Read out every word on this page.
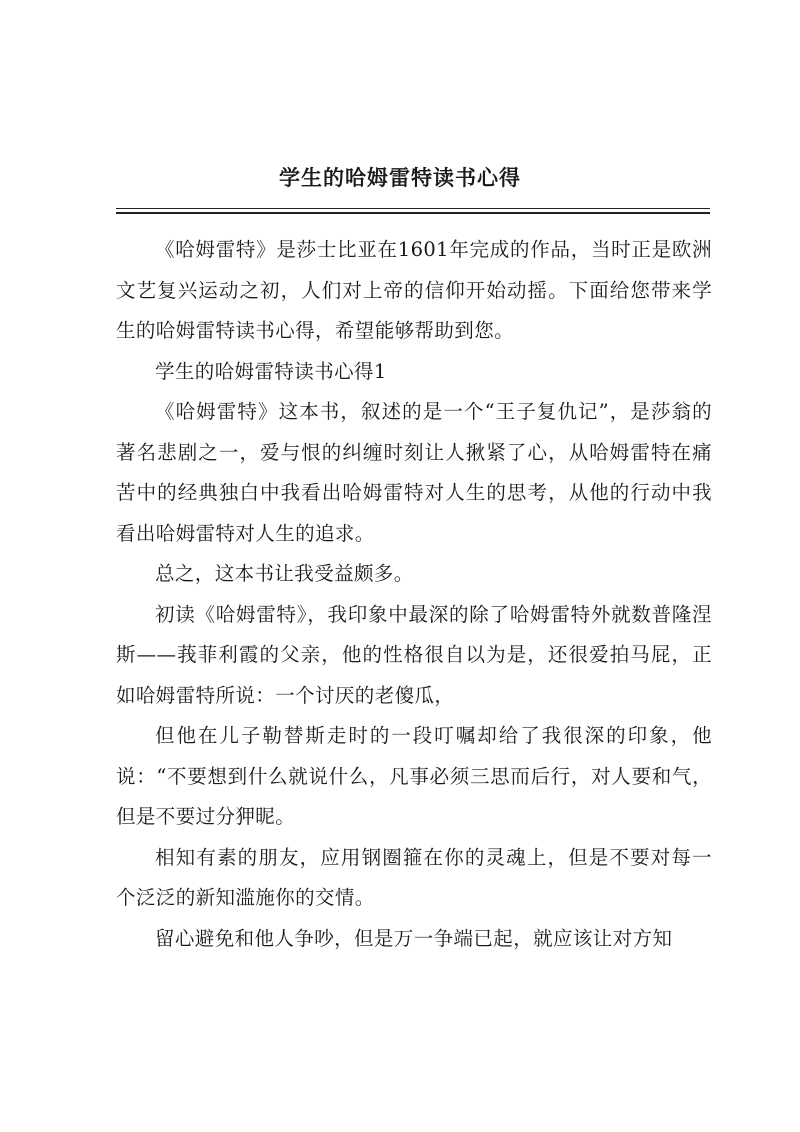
学生的哈姆雷特读书心得

《哈姆雷特》是莎士比亚在1601年完成的作品，当时正是欧洲文艺复兴运动之初，人们对上帝的信仰开始动摇。下面给您带来学生的哈姆雷特读书心得，希望能够帮助到您。

学生的哈姆雷特读书心得1

《哈姆雷特》这本书，叙述的是一个“王子复仇记”，是莎翁的著名悲剧之一，爱与恨的纠缠时刻让人揪紧了心，从哈姆雷特在痛苦中的经典独白中我看出哈姆雷特对人生的思考，从他的行动中我看出哈姆雷特对人生的追求。

总之，这本书让我受益颇多。

初读《哈姆雷特》，我印象中最深的除了哈姆雷特外就数普隆涅斯——莪菲利霞的父亲，他的性格很自以为是，还很爱拍马屁，正如哈姆雷特所说：一个讨厌的老傻瓜，

但他在儿子勒替斯走时的一段叮嘱却给了我很深的印象，他说：“不要想到什么就说什么，凡事必须三思而后行，对人要和气，但是不要过分狎昵。

相知有素的朋友，应用钢圈箍在你的灵魂上，但是不要对每一个泛泛的新知滥施你的交情。

留心避免和他人争吵，但是万一争端已起，就应该让对方知
